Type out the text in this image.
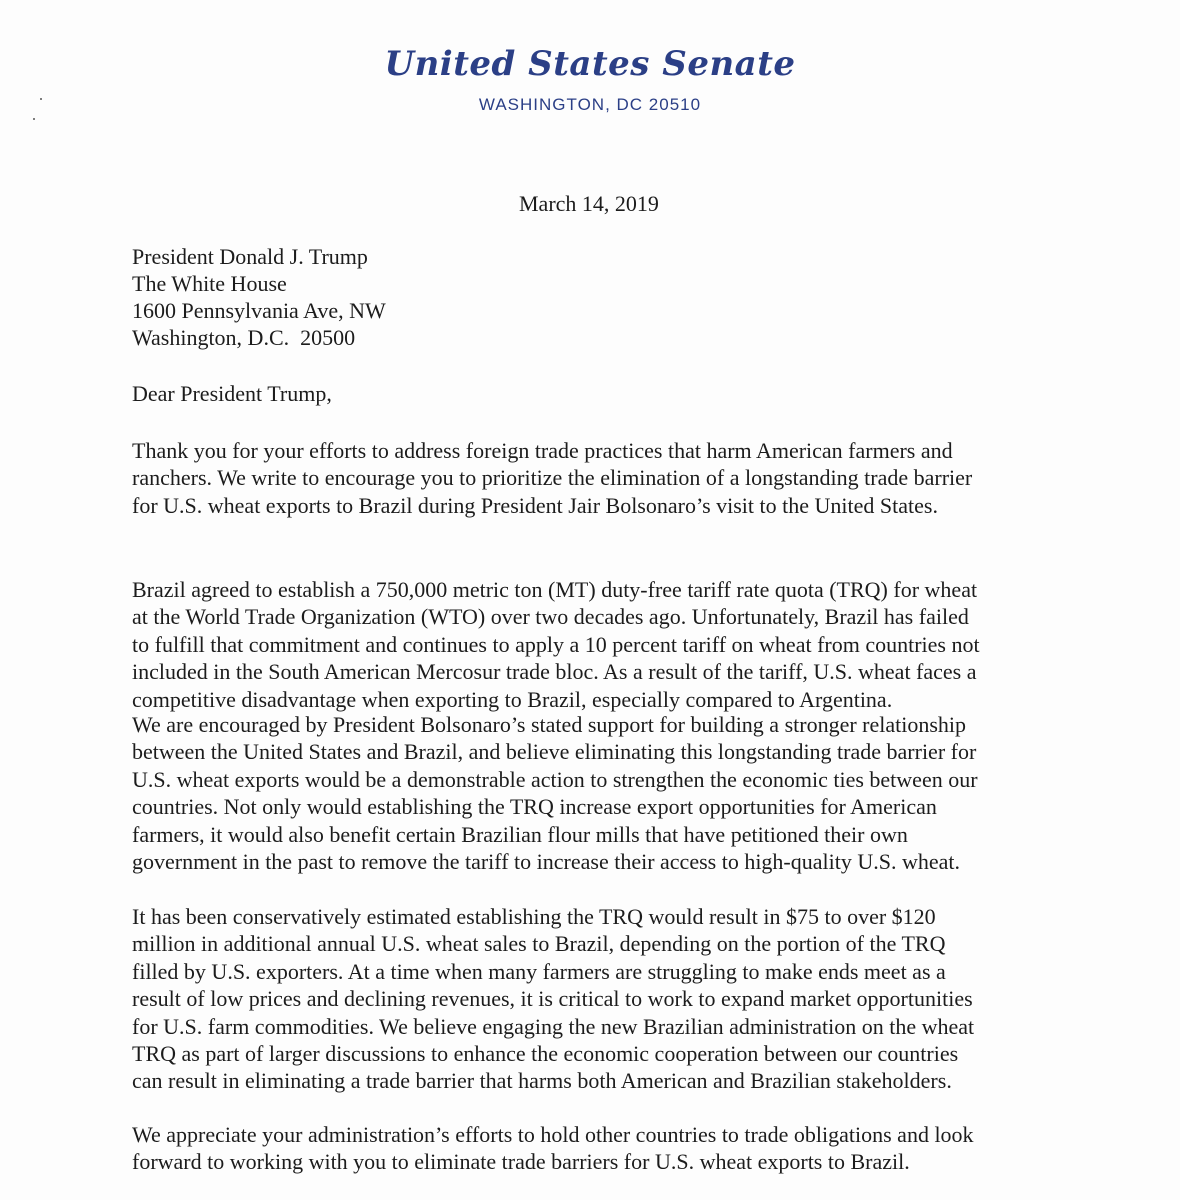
United States Senate
WASHINGTON, DC 20510
March 14, 2019
President Donald J. Trump
The White House
1600 Pennsylvania Ave, NW
Washington, D.C.  20500
Dear President Trump,
Thank you for your efforts to address foreign trade practices that harm American farmers and
ranchers. We write to encourage you to prioritize the elimination of a longstanding trade barrier
for U.S. wheat exports to Brazil during President Jair Bolsonaro’s visit to the United States.
Brazil agreed to establish a 750,000 metric ton (MT) duty-free tariff rate quota (TRQ) for wheat
at the World Trade Organization (WTO) over two decades ago. Unfortunately, Brazil has failed
to fulfill that commitment and continues to apply a 10 percent tariff on wheat from countries not
included in the South American Mercosur trade bloc. As a result of the tariff, U.S. wheat faces a
competitive disadvantage when exporting to Brazil, especially compared to Argentina.
We are encouraged by President Bolsonaro’s stated support for building a stronger relationship
between the United States and Brazil, and believe eliminating this longstanding trade barrier for
U.S. wheat exports would be a demonstrable action to strengthen the economic ties between our
countries. Not only would establishing the TRQ increase export opportunities for American
farmers, it would also benefit certain Brazilian flour mills that have petitioned their own
government in the past to remove the tariff to increase their access to high-quality U.S. wheat.
It has been conservatively estimated establishing the TRQ would result in $75 to over $120
million in additional annual U.S. wheat sales to Brazil, depending on the portion of the TRQ
filled by U.S. exporters. At a time when many farmers are struggling to make ends meet as a
result of low prices and declining revenues, it is critical to work to expand market opportunities
for U.S. farm commodities. We believe engaging the new Brazilian administration on the wheat
TRQ as part of larger discussions to enhance the economic cooperation between our countries
can result in eliminating a trade barrier that harms both American and Brazilian stakeholders.
We appreciate your administration’s efforts to hold other countries to trade obligations and look
forward to working with you to eliminate trade barriers for U.S. wheat exports to Brazil.
